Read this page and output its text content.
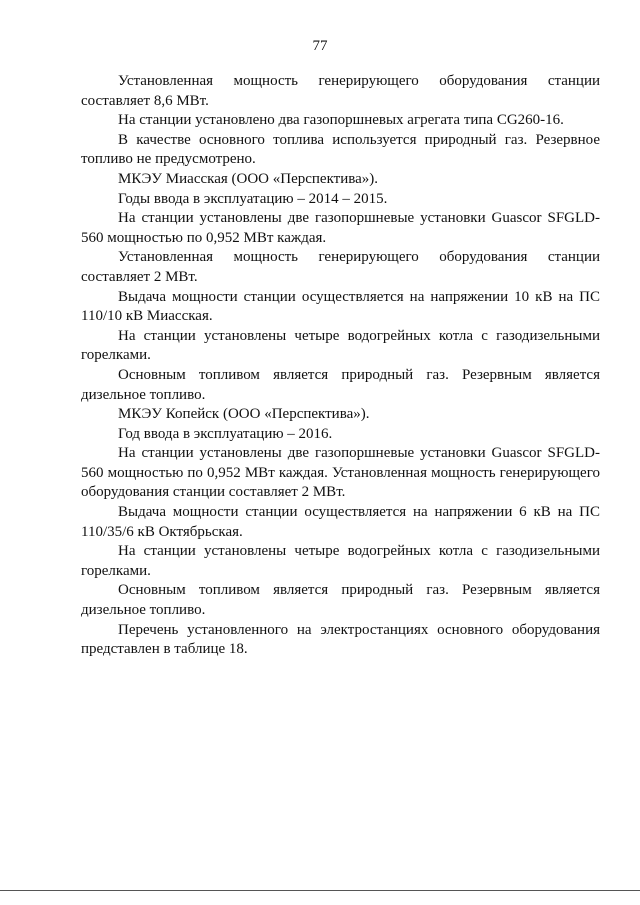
77

Установленная мощность генерирующего оборудования станции составляет 8,6 МВт.

На станции установлено два газопоршневых агрегата типа CG260-16.

В качестве основного топлива используется природный газ. Резервное топливо не предусмотрено.

МКЭУ Миасская (ООО «Перспектива»).

Годы ввода в эксплуатацию – 2014 – 2015.

На станции установлены две газопоршневые установки Guascor SFGLD-560 мощностью по 0,952 МВт каждая.

Установленная мощность генерирующего оборудования станции составляет 2 МВт.

Выдача мощности станции осуществляется на напряжении 10 кВ на ПС 110/10 кВ Миасская.

На станции установлены четыре водогрейных котла с газодизельными горелками.

Основным топливом является природный газ. Резервным является дизельное топливо.

МКЭУ Копейск (ООО «Перспектива»).

Год ввода в эксплуатацию – 2016.

На станции установлены две газопоршневые установки Guascor SFGLD-560 мощностью по 0,952 МВт каждая. Установленная мощность генерирующего оборудования станции составляет 2 МВт.

Выдача мощности станции осуществляется на напряжении 6 кВ на ПС 110/35/6 кВ Октябрьская.

На станции установлены четыре водогрейных котла с газодизельными горелками.

Основным топливом является природный газ. Резервным является дизельное топливо.

Перечень установленного на электростанциях основного оборудования представлен в таблице 18.
